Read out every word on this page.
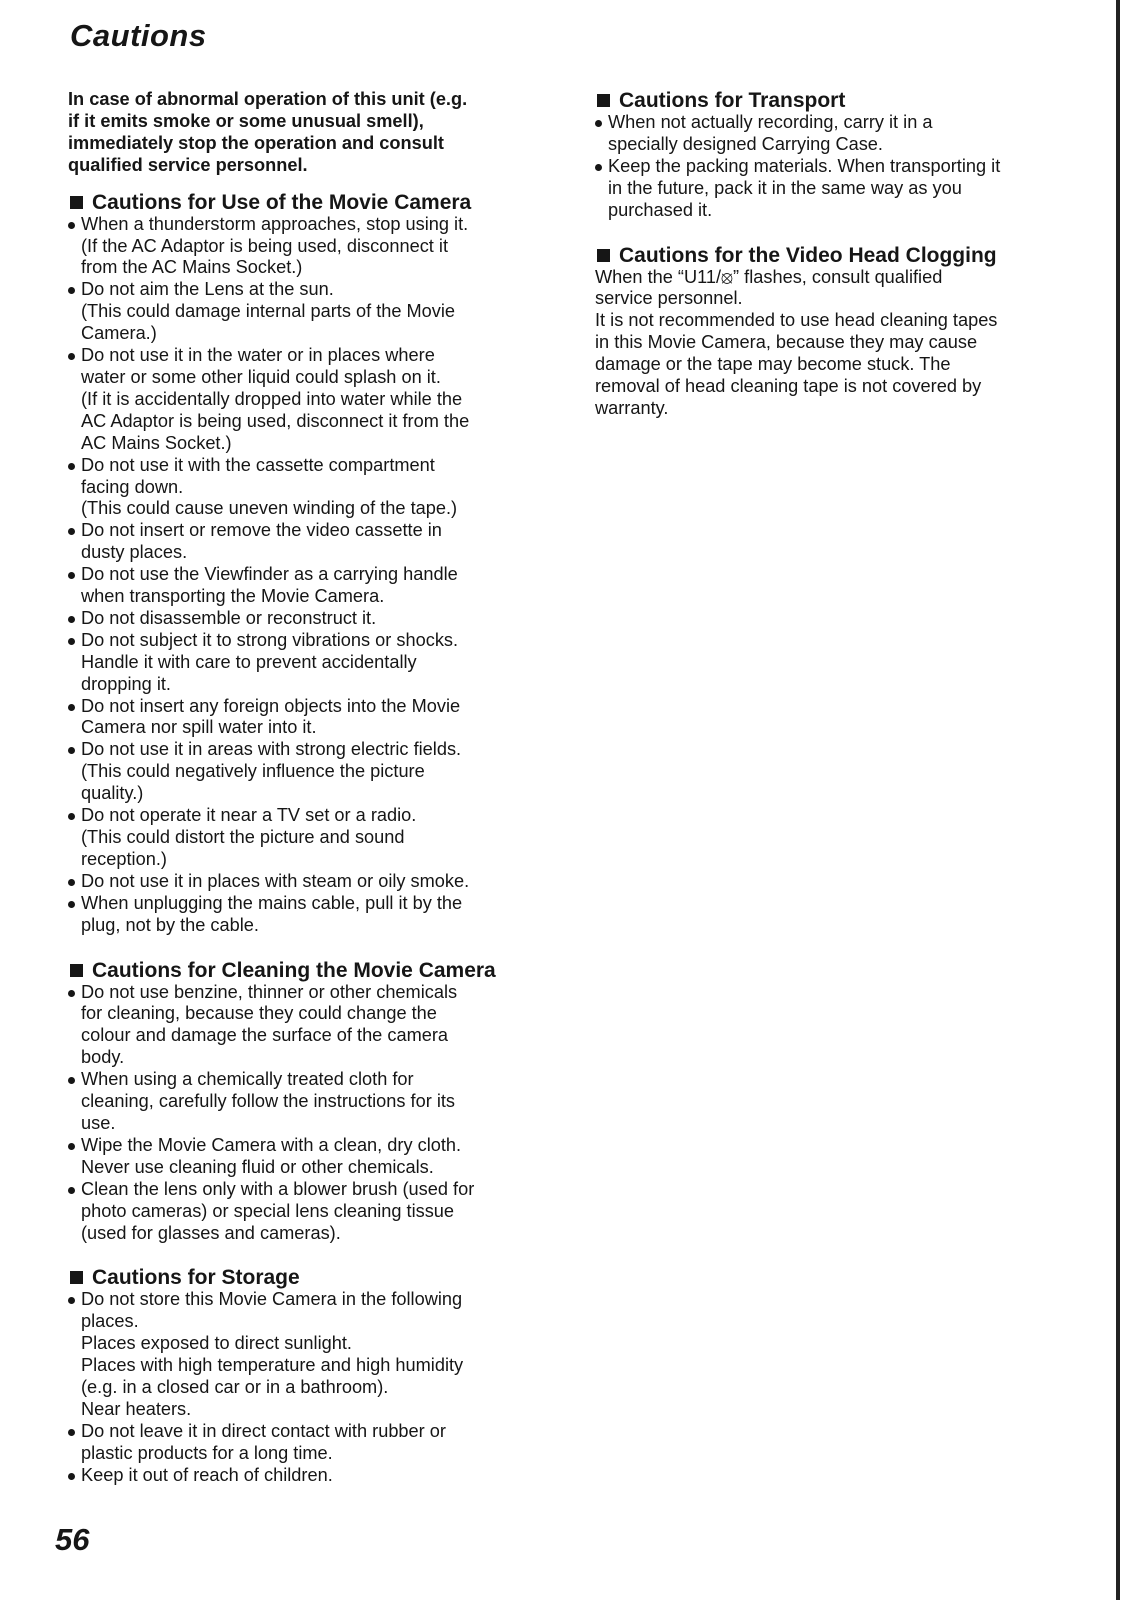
Cautions
In case of abnormal operation of this unit (e.g.
if it emits smoke or some unusual smell),
immediately stop the operation and consult
qualified service personnel.
Cautions for Use of the Movie Camera
When a thunderstorm approaches, stop using it.
(If the AC Adaptor is being used, disconnect it
from the AC Mains Socket.)
Do not aim the Lens at the sun.
(This could damage internal parts of the Movie
Camera.)
Do not use it in the water or in places where
water or some other liquid could splash on it.
(If it is accidentally dropped into water while the
AC Adaptor is being used, disconnect it from the
AC Mains Socket.)
Do not use it with the cassette compartment
facing down.
(This could cause uneven winding of the tape.)
Do not insert or remove the video cassette in
dusty places.
Do not use the Viewfinder as a carrying handle
when transporting the Movie Camera.
Do not disassemble or reconstruct it.
Do not subject it to strong vibrations or shocks.
Handle it with care to prevent accidentally
dropping it.
Do not insert any foreign objects into the Movie
Camera nor spill water into it.
Do not use it in areas with strong electric fields.
(This could negatively influence the picture
quality.)
Do not operate it near a TV set or a radio.
(This could distort the picture and sound
reception.)
Do not use it in places with steam or oily smoke.
When unplugging the mains cable, pull it by the
plug, not by the cable.
Cautions for Cleaning the Movie Camera
Do not use benzine, thinner or other chemicals
for cleaning, because they could change the
colour and damage the surface of the camera
body.
When using a chemically treated cloth for
cleaning, carefully follow the instructions for its
use.
Wipe the Movie Camera with a clean, dry cloth.
Never use cleaning fluid or other chemicals.
Clean the lens only with a blower brush (used for
photo cameras) or special lens cleaning tissue
(used for glasses and cameras).
Cautions for Storage
Do not store this Movie Camera in the following
places.
Places exposed to direct sunlight.
Places with high temperature and high humidity
(e.g. in a closed car or in a bathroom).
Near heaters.
Do not leave it in direct contact with rubber or
plastic products for a long time.
Keep it out of reach of children.
Cautions for Transport
When not actually recording, carry it in a
specially designed Carrying Case.
Keep the packing materials. When transporting it
in the future, pack it in the same way as you
purchased it.
Cautions for the Video Head Clogging
When the “U11/⦻” flashes, consult qualified
service personnel.
It is not recommended to use head cleaning tapes
in this Movie Camera, because they may cause
damage or the tape may become stuck. The
removal of head cleaning tape is not covered by
warranty.
56
